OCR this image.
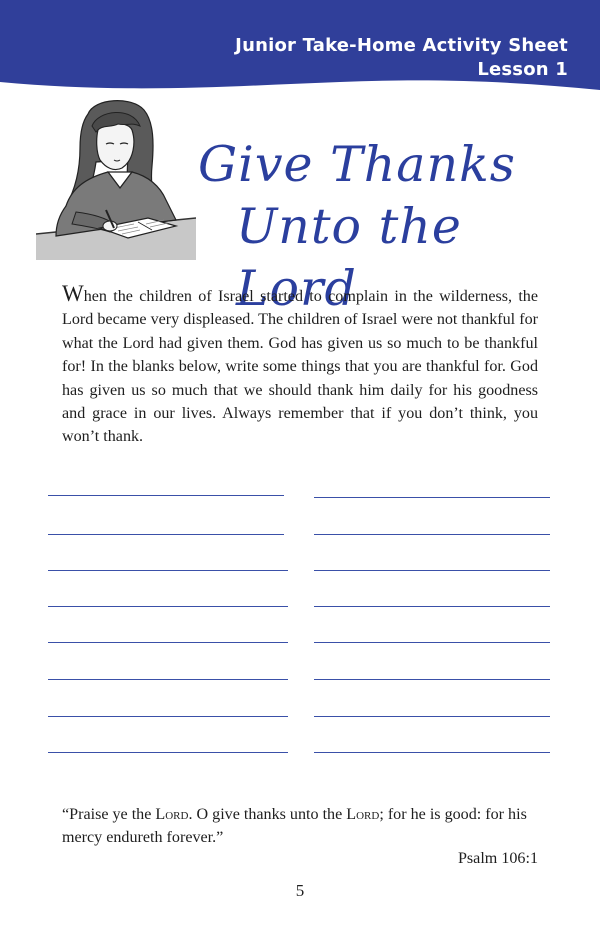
Junior Take-Home Activity Sheet
Lesson 1
Give Thanks
Unto the Lord
When the children of Israel started to complain in the wilderness, the Lord became very displeased. The children of Israel were not thankful for what the Lord had given them. God has given us so much to be thankful for! In the blanks below, write some things that you are thankful for. God has given us so much that we should thank him daily for his goodness and grace in our lives. Always remember that if you don’t think, you won’t thank.
“Praise ye the Lord. O give thanks unto the Lord; for he is good: for his mercy endureth forever.”
Psalm 106:1
5
